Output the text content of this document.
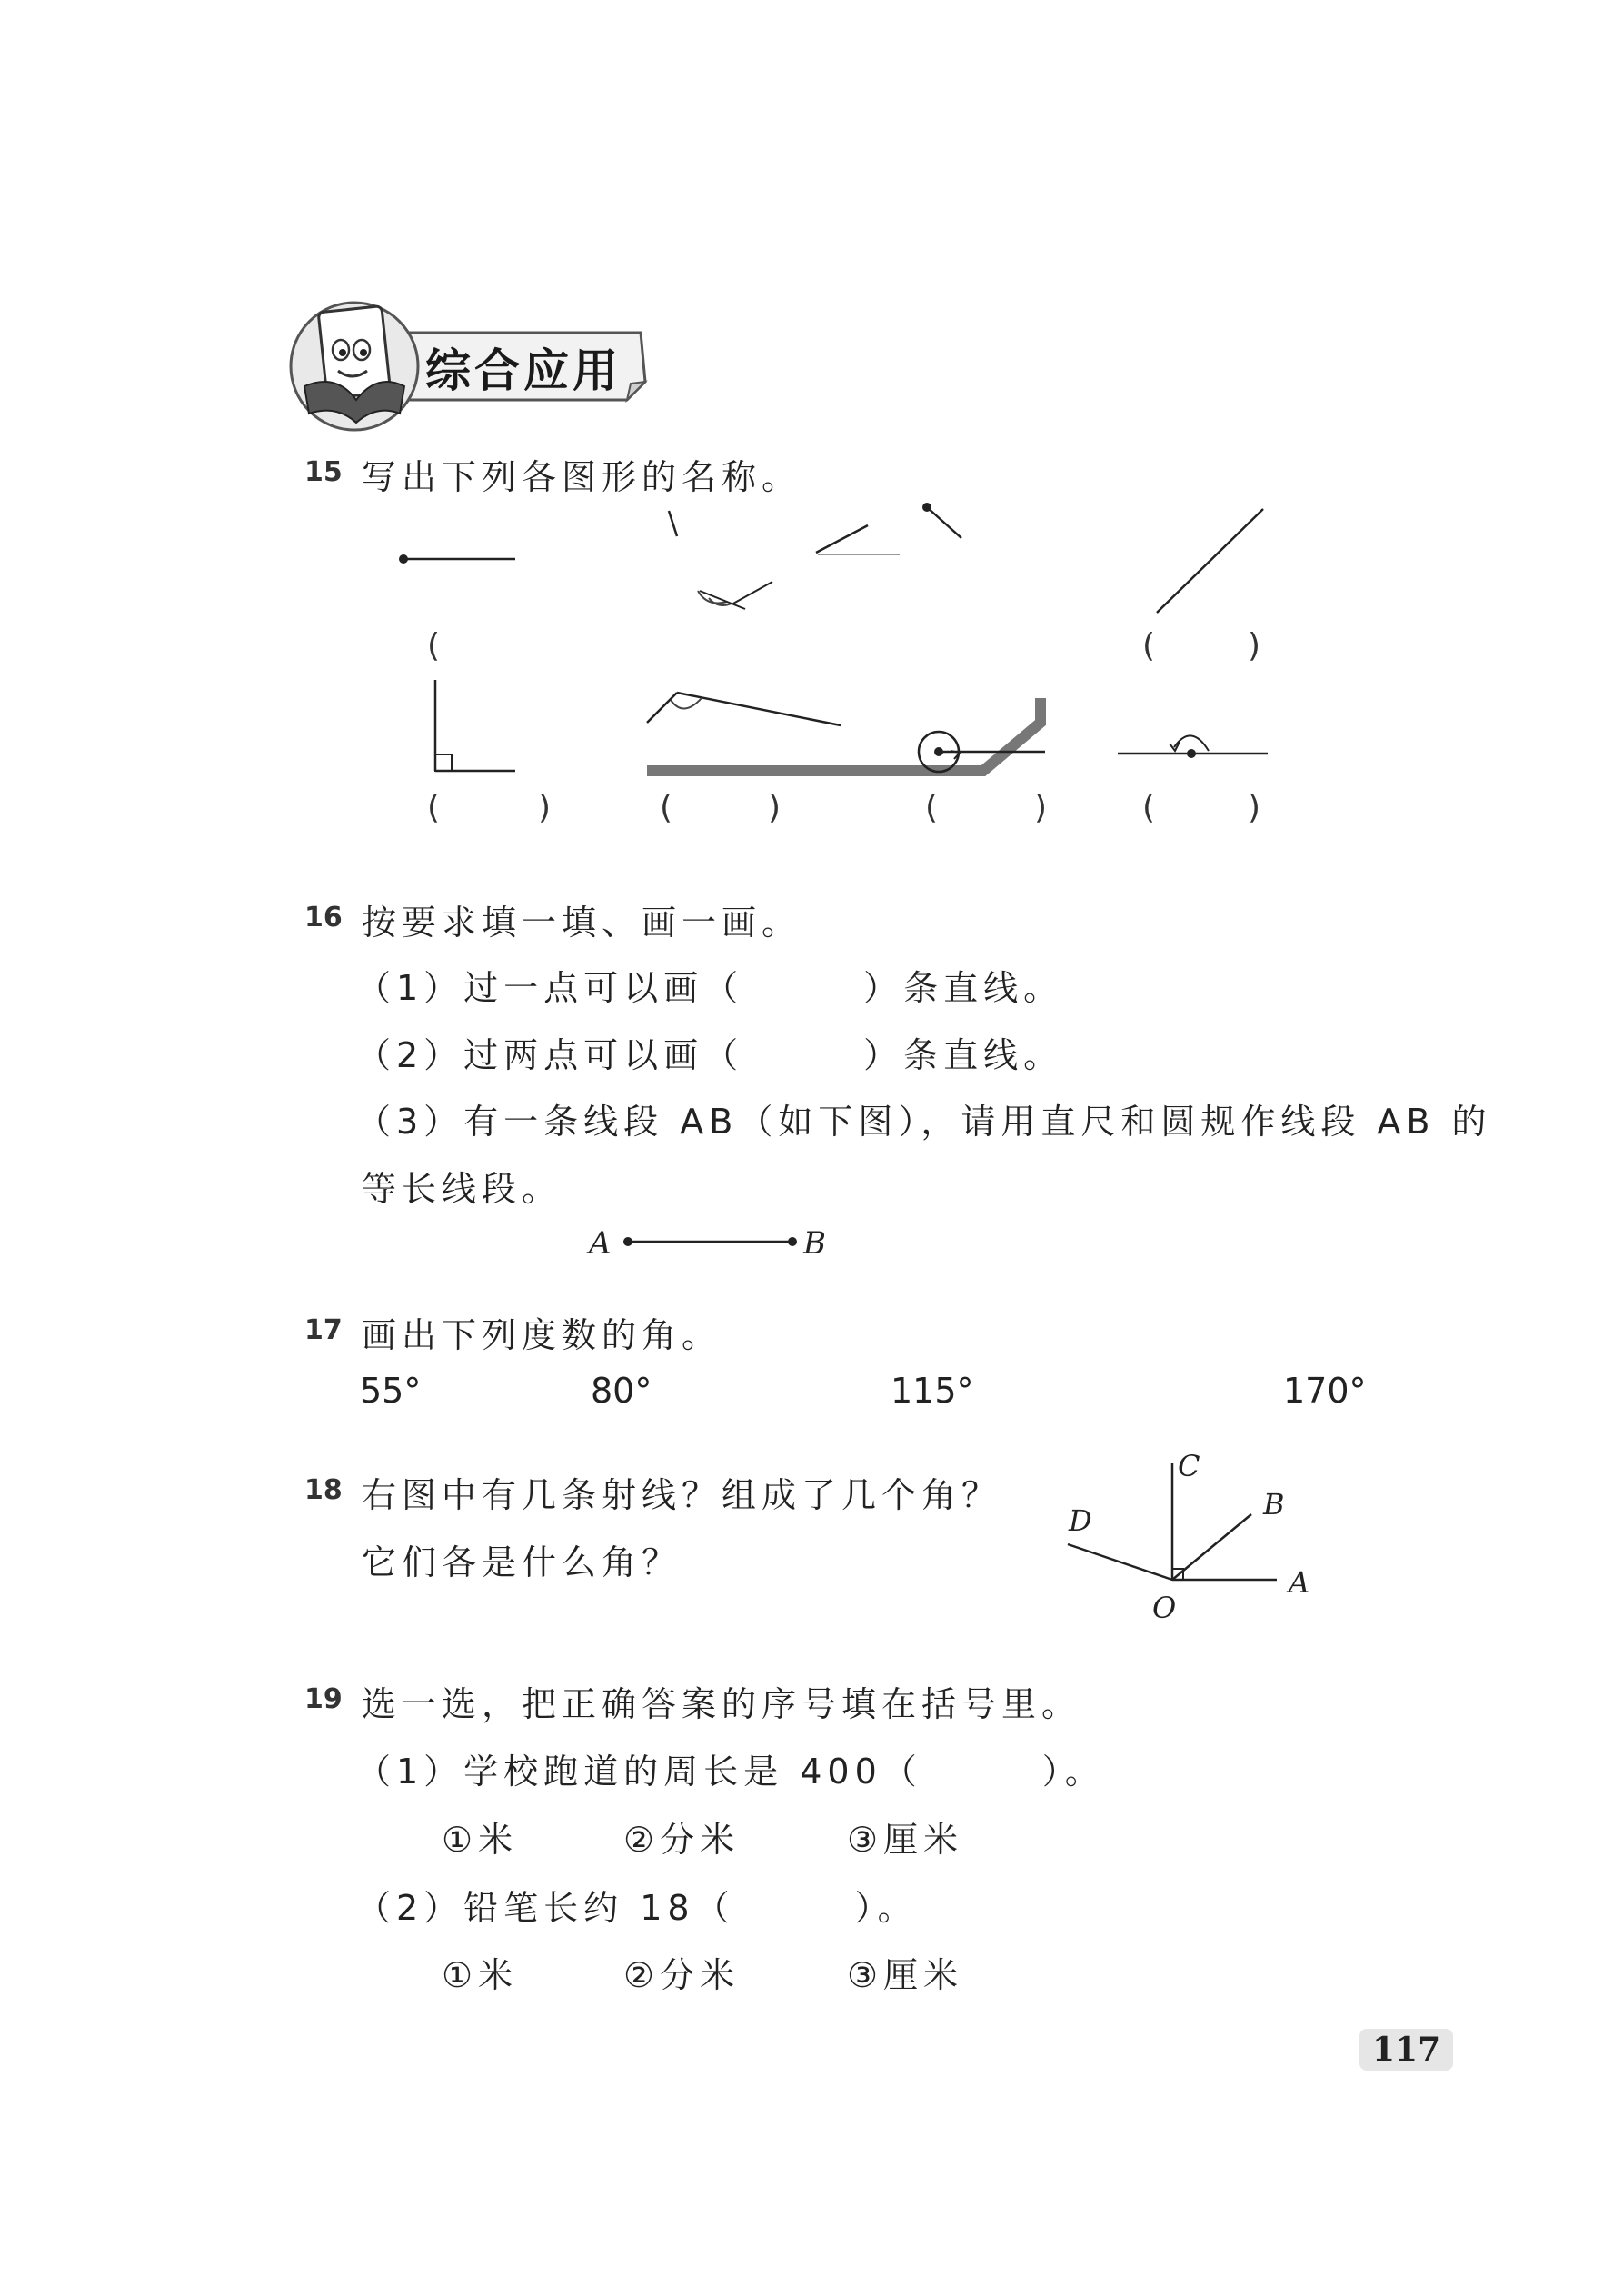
综合应用
15 写出下列各图形的名称。
(	(	)
(	)	(	)	(	)	(	)
16 按要求填一填、画一画。
（1）过一点可以画（　　　）条直线。
（2）过两点可以画（　　　）条直线。
（3）有一条线段 AB（如下图），请用直尺和圆规作线段 AB 的
等长线段。
A	B
17 画出下列度数的角。
55°	80°	115°	170°
18 右图中有几条射线？组成了几个角？
它们各是什么角？
C
B
D
A
O
19 选一选，把正确答案的序号填在括号里。
（1）学校跑道的周长是 400（　　　）。
①米	②分米	③厘米
（2）铅笔长约 18（　　　）。
①米	②分米	③厘米
117
